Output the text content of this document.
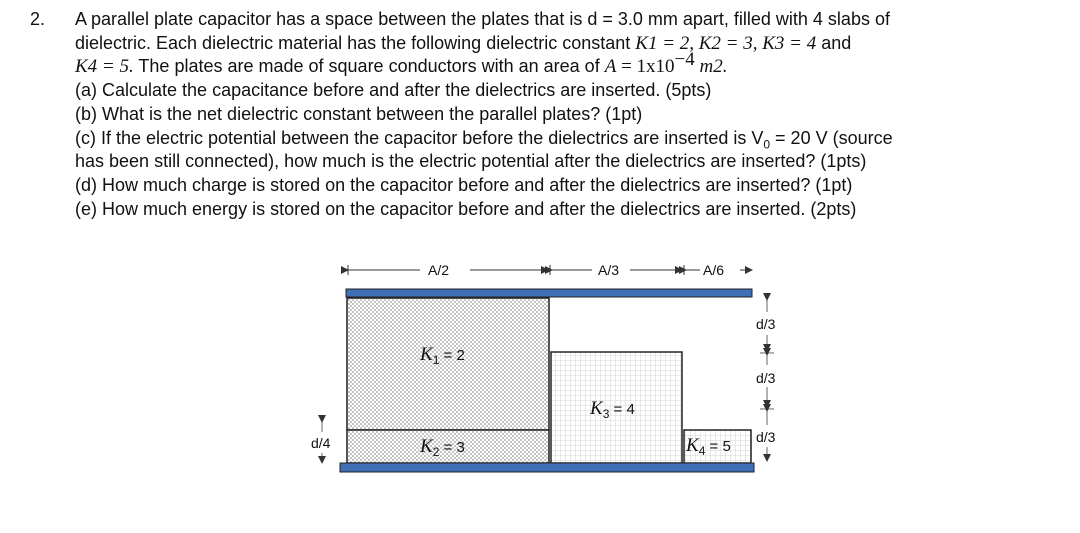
2. A parallel plate capacitor has a space between the plates that is d = 3.0 mm apart, filled with 4 slabs of
dielectric. Each dielectric material has the following dielectric constant K1 = 2, K2 = 3, K3 = 4 and
K4 = 5. The plates are made of square conductors with an area of $A = 1x10^{-4}$ m2.
(a) Calculate the capacitance before and after the dielectrics are inserted. (5pts)
(b) What is the net dielectric constant between the parallel plates? (1pt)
(c) If the electric potential between the capacitor before the dielectrics are inserted is $V_0 = 20$ V (source
has been still connected), how much is the electric potential after the dielectrics are inserted? (1pts)
(d) How much charge is stored on the capacitor before and after the dielectrics are inserted? (1pt)
(e) How much energy is stored on the capacitor before and after the dielectrics are inserted. (2pts)
A/2	A/3	A/6
d/3
d/3
d/3
d/4
$K_1 = 2$
$K_2 = 3$
$K_3 = 4$
$K_4 = 5$
